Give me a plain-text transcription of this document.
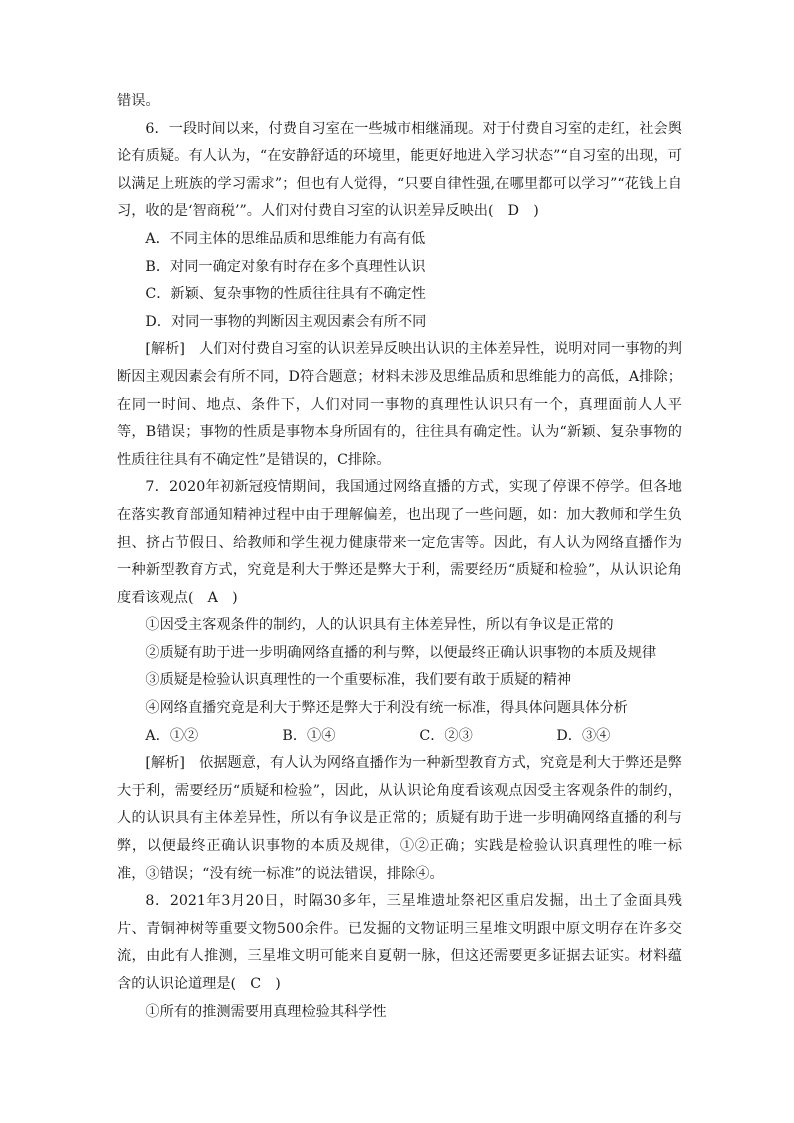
错误。

6．一段时间以来，付费自习室在一些城市相继涌现。对于付费自习室的走红，社会舆论有质疑。有人认为，“在安静舒适的环境里，能更好地进入学习状态”“自习室的出现，可以满足上班族的学习需求”；但也有人觉得，“只要自律性强,在哪里都可以学习”“花钱上自习，收的是‘智商税’”。人们对付费自习室的认识差异反映出(　D　)

A．不同主体的思维品质和思维能力有高有低

B．对同一确定对象有时存在多个真理性认识

C．新颖、复杂事物的性质往往具有不确定性

D．对同一事物的判断因主观因素会有所不同

[解析]　人们对付费自习室的认识差异反映出认识的主体差异性，说明对同一事物的判断因主观因素会有所不同，D符合题意；材料未涉及思维品质和思维能力的高低，A排除；在同一时间、地点、条件下，人们对同一事物的真理性认识只有一个，真理面前人人平等，B错误；事物的性质是事物本身所固有的，往往具有确定性。认为“新颖、复杂事物的性质往往具有不确定性”是错误的，C排除。

7．2020年初新冠疫情期间，我国通过网络直播的方式，实现了停课不停学。但各地在落实教育部通知精神过程中由于理解偏差，也出现了一些问题，如：加大教师和学生负担、挤占节假日、给教师和学生视力健康带来一定危害等。因此，有人认为网络直播作为一种新型教育方式，究竟是利大于弊还是弊大于利，需要经历“质疑和检验”，从认识论角度看该观点(　A　)

①因受主客观条件的制约，人的认识具有主体差异性，所以有争议是正常的

②质疑有助于进一步明确网络直播的利与弊，以便最终正确认识事物的本质及规律

③质疑是检验认识真理性的一个重要标准，我们要有敢于质疑的精神

④网络直播究竟是利大于弊还是弊大于利没有统一标准，得具体问题具体分析

A．①②	B．①④	C．②③	D．③④

[解析]　依据题意，有人认为网络直播作为一种新型教育方式，究竟是利大于弊还是弊大于利，需要经历“质疑和检验”，因此，从认识论角度看该观点因受主客观条件的制约，人的认识具有主体差异性，所以有争议是正常的；质疑有助于进一步明确网络直播的利与弊，以便最终正确认识事物的本质及规律，①②正确；实践是检验认识真理性的唯一标准，③错误；“没有统一标准”的说法错误，排除④。

8．2021年3月20日，时隔30多年，三星堆遗址祭祀区重启发掘，出土了金面具残片、青铜神树等重要文物500余件。已发掘的文物证明三星堆文明跟中原文明存在许多交流，由此有人推测，三星堆文明可能来自夏朝一脉，但这还需要更多证据去证实。材料蕴含的认识论道理是(　C　)

①所有的推测需要用真理检验其科学性
